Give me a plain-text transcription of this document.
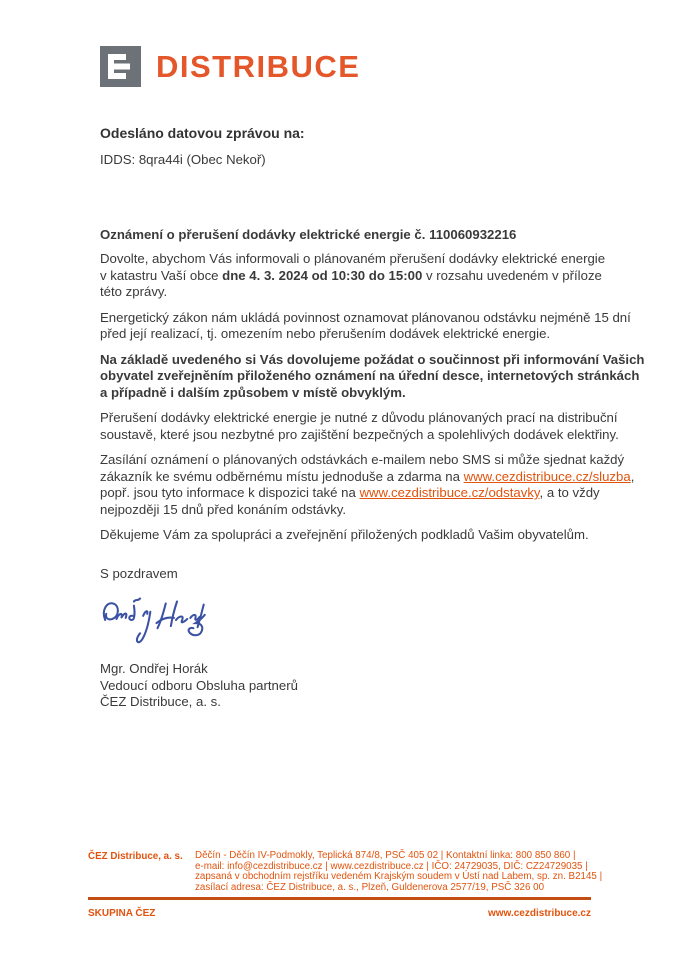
DISTRIBUCE
Odesláno datovou zprávou na:
IDDS: 8qra44i (Obec Nekoř)
Oznámení o přerušení dodávky elektrické energie č. 110060932216
Dovolte, abychom Vás informovali o plánovaném přerušení dodávky elektrické energie
v katastru Vaší obce dne 4. 3. 2024 od 10:30 do 15:00 v rozsahu uvedeném v příloze
této zprávy.
Energetický zákon nám ukládá povinnost oznamovat plánovanou odstávku nejméně 15 dní
před její realizací, tj. omezením nebo přerušením dodávek elektrické energie.
Na základě uvedeného si Vás dovolujeme požádat o součinnost při informování Vašich
obyvatel zveřejněním přiloženého oznámení na úřední desce, internetových stránkách
a případně i dalším způsobem v místě obvyklým.
Přerušení dodávky elektrické energie je nutné z důvodu plánovaných prací na distribuční
soustavě, které jsou nezbytné pro zajištění bezpečných a spolehlivých dodávek elektřiny.
Zasílání oznámení o plánovaných odstávkách e-mailem nebo SMS si může sjednat každý
zákazník ke svému odběrnému místu jednoduše a zdarma na www.cezdistribuce.cz/sluzba,
popř. jsou tyto informace k dispozici také na www.cezdistribuce.cz/odstavky, a to vždy
nejpozději 15 dnů před konáním odstávky.
Děkujeme Vám za spolupráci a zveřejnění přiložených podkladů Vašim obyvatelům.
S pozdravem
Mgr. Ondřej Horák
Vedoucí odboru Obsluha partnerů
ČEZ Distribuce, a. s.
ČEZ Distribuce, a. s. Děčín - Děčín IV-Podmokly, Teplická 874/8, PSČ 405 02 | Kontaktní linka: 800 850 860 |
e-mail: info@cezdistribuce.cz | www.cezdistribuce.cz | IČO: 24729035, DIČ: CZ24729035 |
zapsaná v obchodním rejstříku vedeném Krajským soudem v Ústí nad Labem, sp. zn. B2145 |
zasílací adresa: ČEZ Distribuce, a. s., Plzeň, Guldenerova 2577/19, PSČ 326 00
SKUPINA ČEZ	www.cezdistribuce.cz
